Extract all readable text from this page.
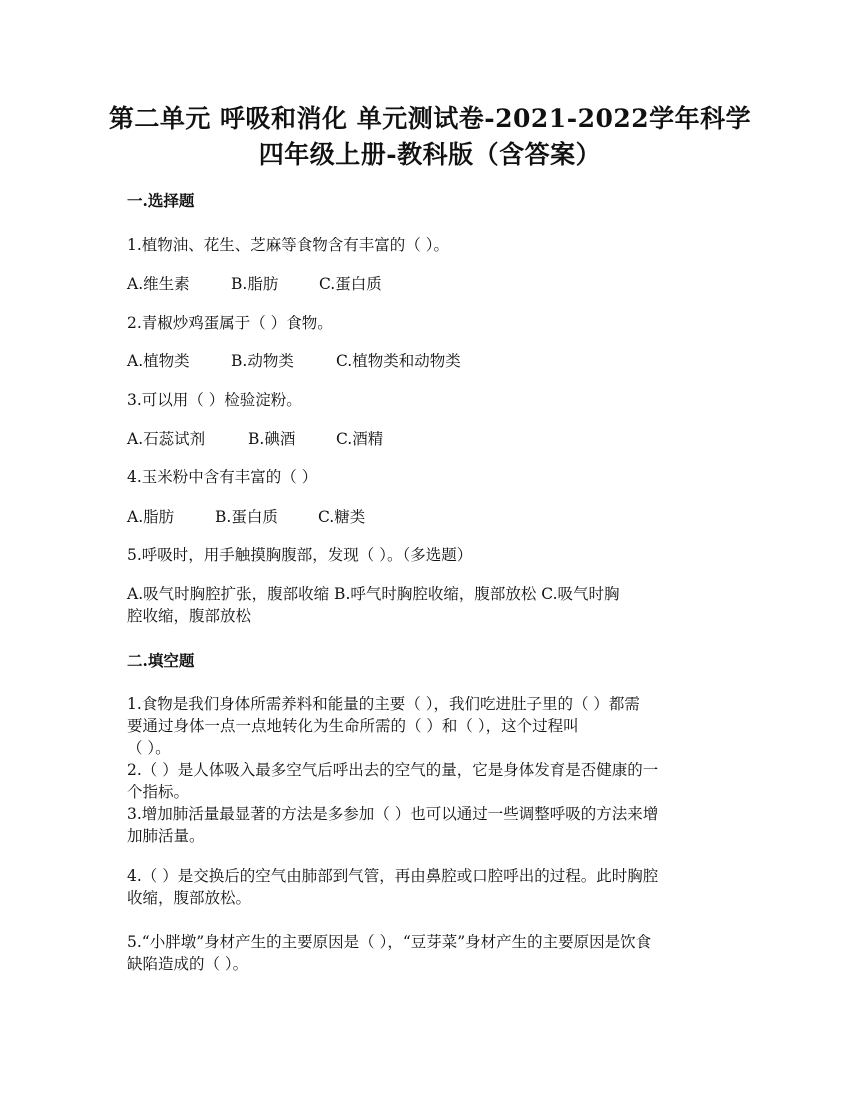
第二单元 呼吸和消化 单元测试卷-2021-2022学年科学
四年级上册-教科版（含答案）
一.选择题
1.植物油、花生、芝麻等食物含有丰富的（ ）。
A.维生素	B.脂肪	C.蛋白质
2.青椒炒鸡蛋属于（ ）食物。
A.植物类	B.动物类	C.植物类和动物类
3.可以用（ ）检验淀粉。
A.石蕊试剂	B.碘酒	C.酒精
4.玉米粉中含有丰富的（ ）
A.脂肪	B.蛋白质	C.糖类
5.呼吸时，用手触摸胸腹部，发现（ ）。（多选题）
A.吸气时胸腔扩张，腹部收缩 B.呼气时胸腔收缩，腹部放松 C.吸气时胸
腔收缩，腹部放松
二.填空题
1.食物是我们身体所需养料和能量的主要（ ），我们吃进肚子里的（ ）都需
要通过身体一点一点地转化为生命所需的（ ）和（ ），这个过程叫
（ ）。
2.（ ）是人体吸入最多空气后呼出去的空气的量，它是身体发育是否健康的一
个指标。
3.增加肺活量最显著的方法是多参加（ ）也可以通过一些调整呼吸的方法来增
加肺活量。
4.（ ）是交换后的空气由肺部到气管，再由鼻腔或口腔呼出的过程。此时胸腔
收缩，腹部放松。
5.“小胖墩”身材产生的主要原因是（ ），“豆芽菜”身材产生的主要原因是饮食
缺陷造成的（ ）。
